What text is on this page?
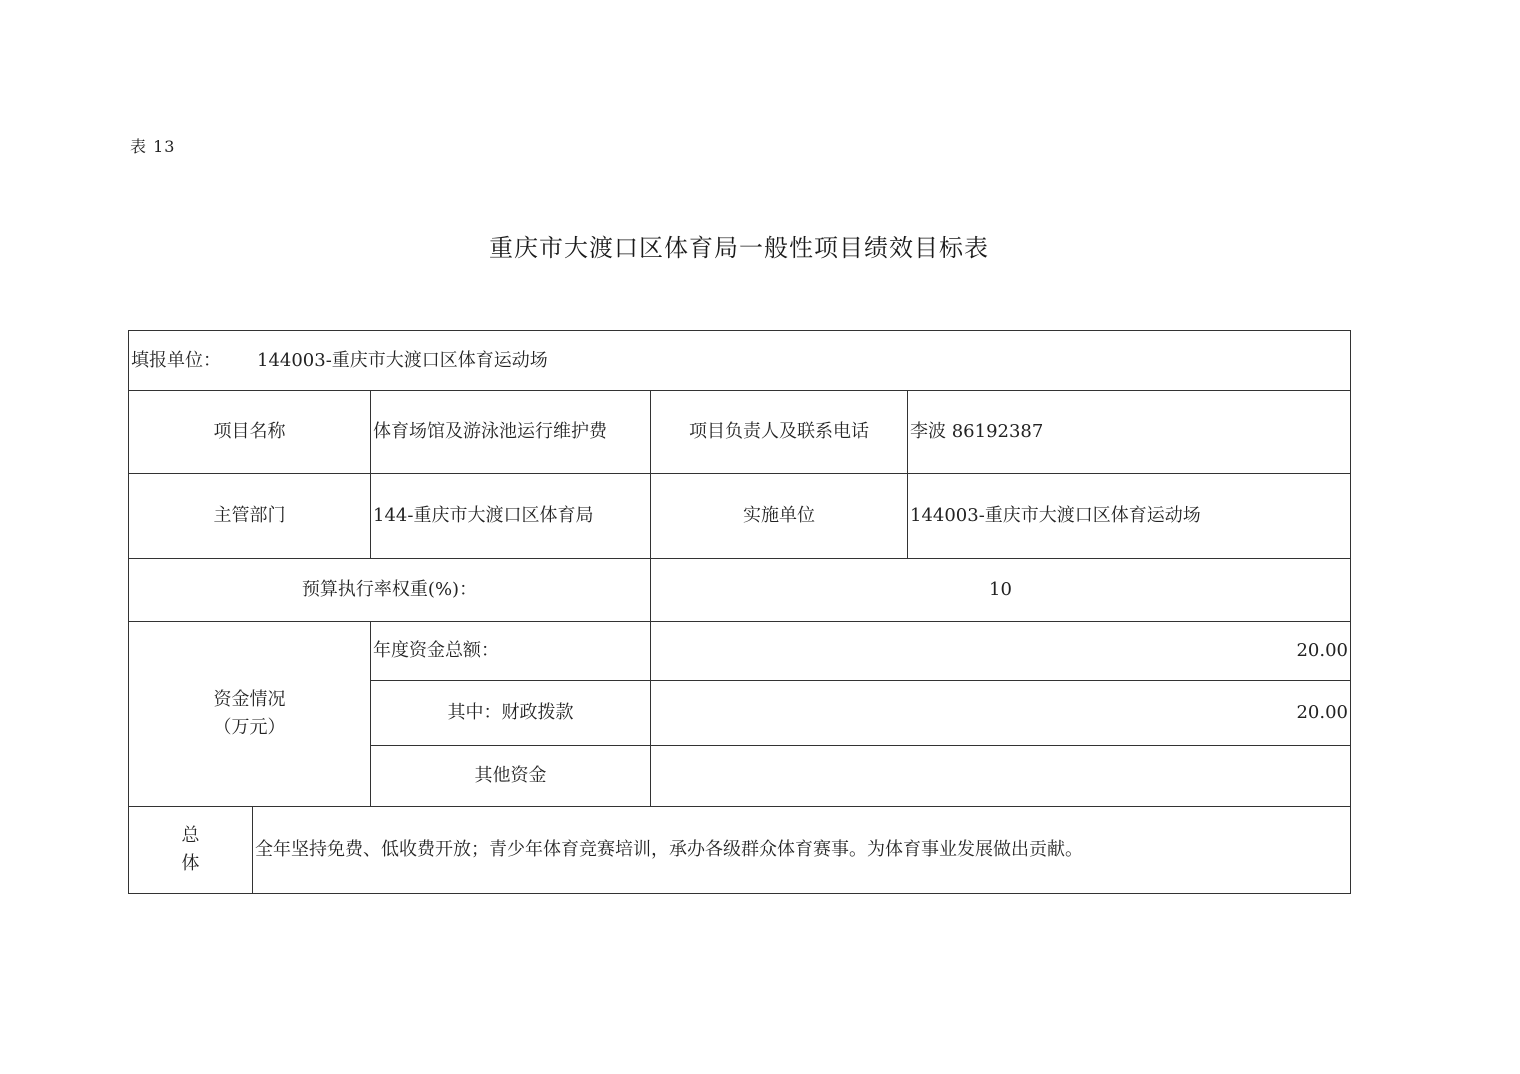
表 13
重庆市大渡口区体育局一般性项目绩效目标表
填报单位： 144003-重庆市大渡口区体育运动场				
项目名称		体育场馆及游泳池运行维护费	项目负责人及联系电话	李波 86192387
主管部门		144-重庆市大渡口区体育局	实施单位	144003-重庆市大渡口区体育运动场
预算执行率权重(%)：			10	

资金情况
（万元）		年度资金总额：	20.00	
		其中：财政拨款	20.00	
		其他资金		

总
体	全年坚持免费、低收费开放；青少年体育竞赛培训，承办各级群众体育赛事。为体育事业发展做出贡献。			
